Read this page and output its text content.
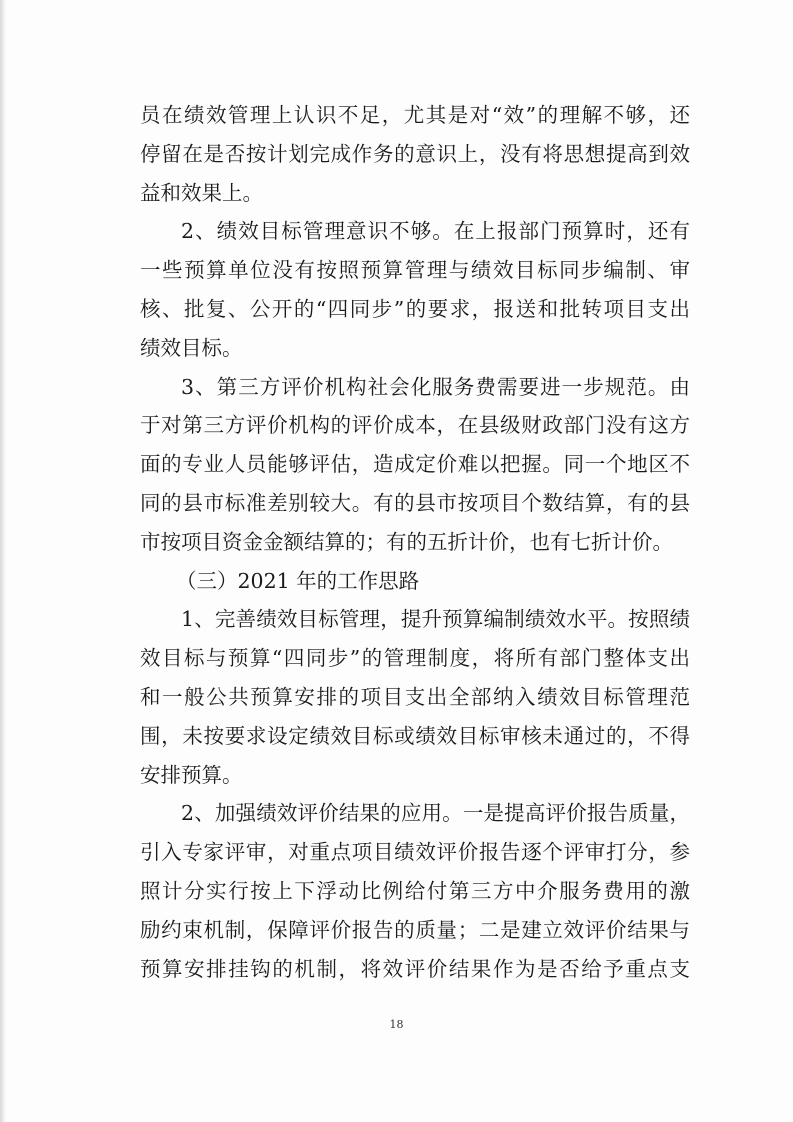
员在绩效管理上认识不足，尤其是对“效”的理解不够，还
停留在是否按计划完成作务的意识上，没有将思想提高到效
益和效果上。
2、绩效目标管理意识不够。在上报部门预算时，还有
一些预算单位没有按照预算管理与绩效目标同步编制、审
核、批复、公开的“四同步”的要求，报送和批转项目支出
绩效目标。
3、第三方评价机构社会化服务费需要进一步规范。由
于对第三方评价机构的评价成本，在县级财政部门没有这方
面的专业人员能够评估，造成定价难以把握。同一个地区不
同的县市标准差别较大。有的县市按项目个数结算，有的县
市按项目资金金额结算的；有的五折计价，也有七折计价。
（三）2021 年的工作思路
1、完善绩效目标管理，提升预算编制绩效水平。按照绩
效目标与预算“四同步”的管理制度，将所有部门整体支出
和一般公共预算安排的项目支出全部纳入绩效目标管理范
围，未按要求设定绩效目标或绩效目标审核未通过的，不得
安排预算。
2、加强绩效评价结果的应用。一是提高评价报告质量，
引入专家评审，对重点项目绩效评价报告逐个评审打分，参
照计分实行按上下浮动比例给付第三方中介服务费用的激
励约束机制，保障评价报告的质量；二是建立效评价结果与
预算安排挂钩的机制，将效评价结果作为是否给予重点支
18
